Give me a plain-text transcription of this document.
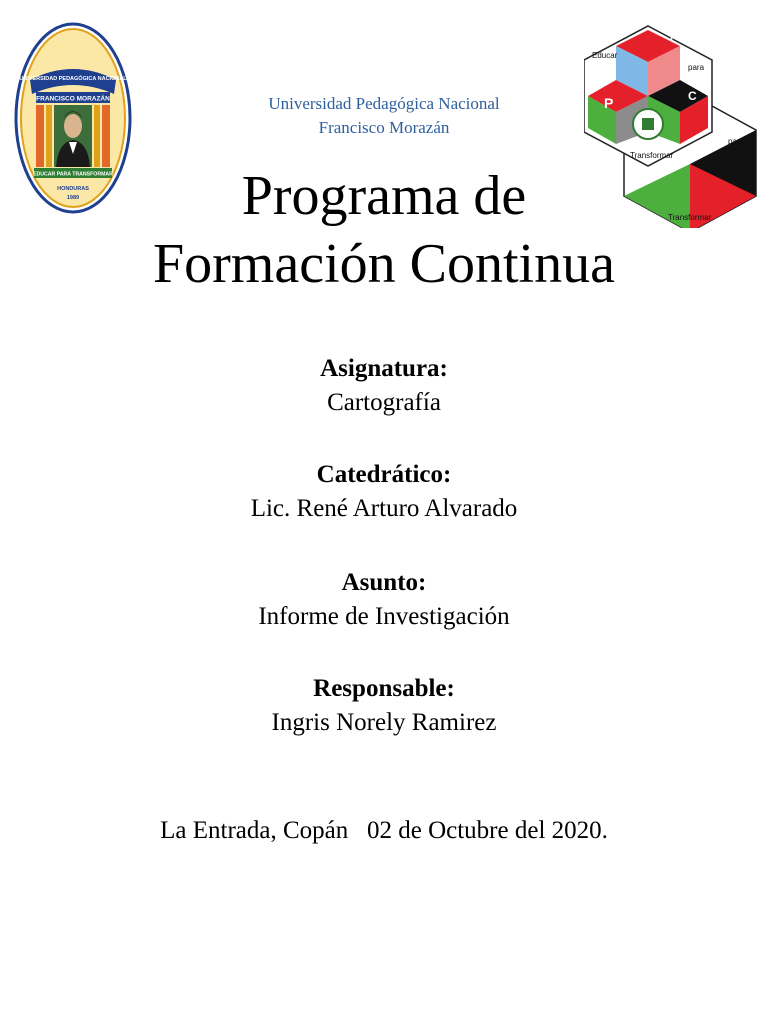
UNIVERSIDAD PEDAGÓGICA NACIONAL
FRANCISCO MORAZÁN
EDUCAR PARA TRANSFORMAR
HONDURAS
1989
para
Transformar
F
P	C
Educar
para
Transformar
Universidad Pedagógica Nacional
Francisco Morazán
Programa de
Formación Continua
Asignatura:
Cartografía
Catedrático:
Lic. René Arturo Alvarado
Asunto:
Informe de Investigación
Responsable:
Ingris Norely Ramirez
La Entrada, Copán   02 de Octubre del 2020.
